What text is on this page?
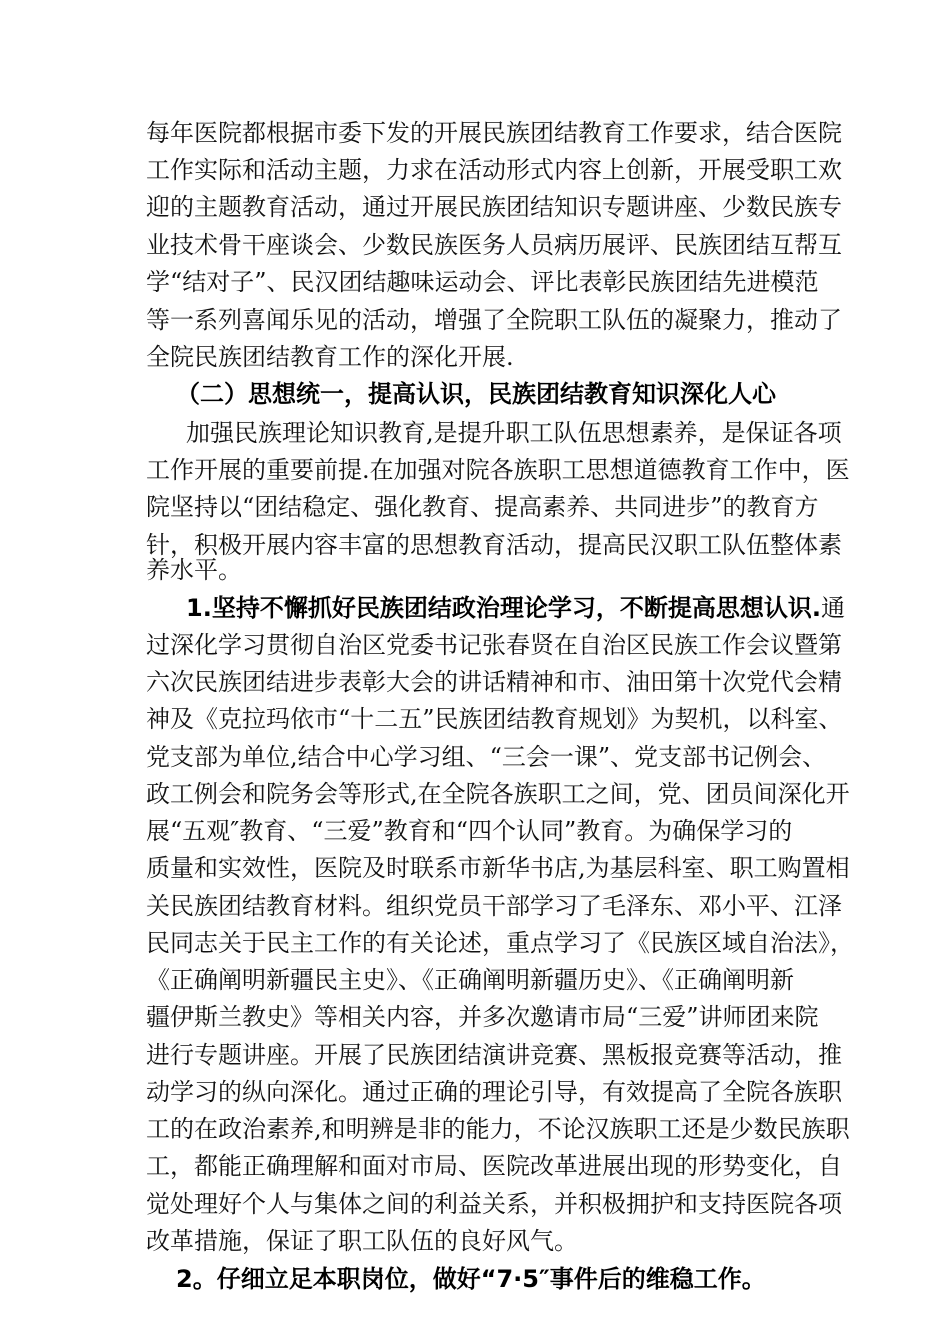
每年医院都根据市委下发的开展民族团结教育工作要求，结合医院
工作实际和活动主题，力求在活动形式内容上创新，开展受职工欢
迎的主题教育活动，通过开展民族团结知识专题讲座、少数民族专
业技术骨干座谈会、少数民族医务人员病历展评、民族团结互帮互
学“结对子”、民汉团结趣味运动会、评比表彰民族团结先进模范
等一系列喜闻乐见的活动，增强了全院职工队伍的凝聚力，推动了
全院民族团结教育工作的深化开展.
（二）思想统一，提高认识，民族团结教育知识深化人心
加强民族理论知识教育,是提升职工队伍思想素养，是保证各项
工作开展的重要前提.在加强对院各族职工思想道德教育工作中，医
院坚持以“团结稳定、强化教育、提高素养、共同进步”的教育方
针，积极开展内容丰富的思想教育活动，提高民汉职工队伍整体素
养水平。
1.坚持不懈抓好民族团结政治理论学习，不断提高思想认识.通
过深化学习贯彻自治区党委书记张春贤在自治区民族工作会议暨第
六次民族团结进步表彰大会的讲话精神和市、油田第十次党代会精
神及《克拉玛依市“十二五”民族团结教育规划》为契机，以科室、
党支部为单位,结合中心学习组、“三会一课”、党支部书记例会、
政工例会和院务会等形式,在全院各族职工之间，党、团员间深化开
展“五观″教育、“三爱”教育和“四个认同”教育。为确保学习的
质量和实效性，医院及时联系市新华书店,为基层科室、职工购置相
关民族团结教育材料。组织党员干部学习了毛泽东、邓小平、江泽
民同志关于民主工作的有关论述，重点学习了《民族区域自治法》，
《正确阐明新疆民主史》、《正确阐明新疆历史》、《正确阐明新
疆伊斯兰教史》等相关内容，并多次邀请市局“三爱”讲师团来院
进行专题讲座。开展了民族团结演讲竞赛、黑板报竞赛等活动，推
动学习的纵向深化。通过正确的理论引导，有效提高了全院各族职
工的在政治素养,和明辨是非的能力，不论汉族职工还是少数民族职
工，都能正确理解和面对市局、医院改革进展出现的形势变化，自
觉处理好个人与集体之间的利益关系，并积极拥护和支持医院各项
改革措施，保证了职工队伍的良好风气。
2。仔细立足本职岗位，做好“7·5″事件后的维稳工作。
